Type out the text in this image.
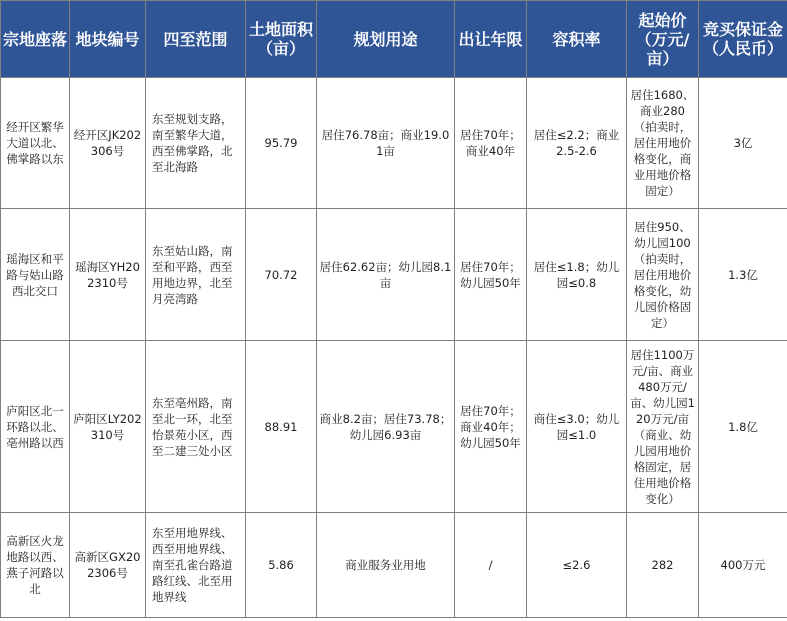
宗地座落	地块编号	四至范围	土地面积（亩）	规划用途	出让年限	容积率	起始价（万元/亩）	竞买保证金（人民币）
经开区繁华大道以北、佛掌路以东	经开区JK202306号	东至规划支路，南至繁华大道，西至佛掌路，北至北海路	95.79	居住76.78亩；商业19.01亩	居住70年；商业40年	居住≤2.2；商业2.5-2.6	居住1680、商业280（拍卖时，居住用地价格变化，商业用地价格固定）	3亿
瑶海区和平路与姑山路西北交口	瑶海区YH202310号	东至姑山路，南至和平路，西至用地边界，北至月亮湾路	70.72	居住62.62亩；幼儿园8.1亩	居住70年；幼儿园50年	居住≤1.8；幼儿园≤0.8	居住950、幼儿园100（拍卖时，居住用地价格变化，幼儿园价格固定）	1.3亿
庐阳区北一环路以北、亳州路以西	庐阳区LY202310号	东至亳州路，南至北一环，北至怡景苑小区，西至二建三处小区	88.91	商业8.2亩；居住73.78；幼儿园6.93亩	居住70年；商业40年；幼儿园50年	商住≤3.0；幼儿园≤1.0	居住1100万元/亩、商业480万元/亩、幼儿园120万元/亩（商业、幼儿园用地价格固定，居住用地价格变化）	1.8亿
高新区火龙地路以西、燕子河路以北	高新区GX202306号	东至用地界线、西至用地界线、南至孔雀台路道路红线、北至用地界线	5.86	商业服务业用地	/	≤2.6	282	400万元
